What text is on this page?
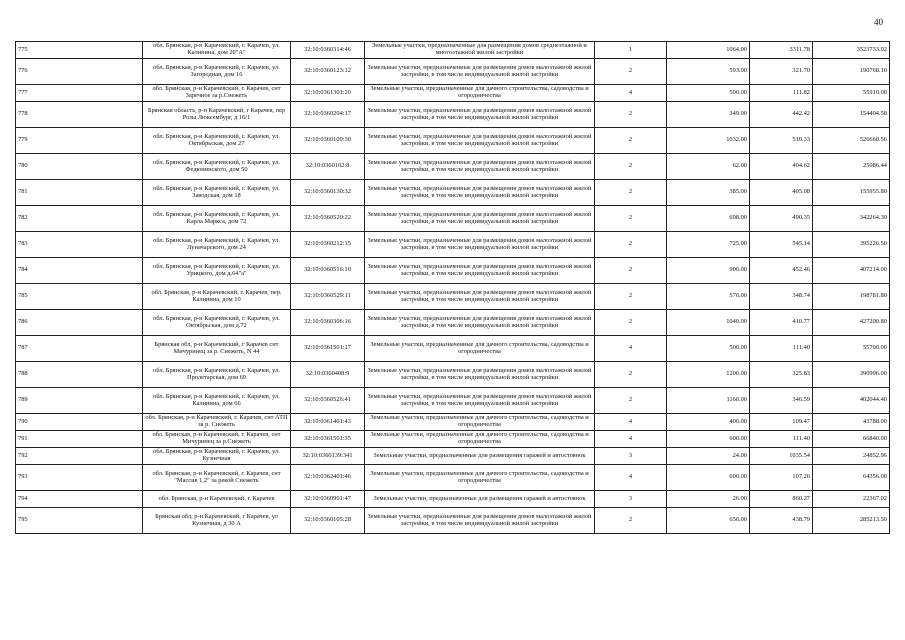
40
775	обл. Брянская, р-н Карачевский, г. Карачев, ул. Калинина, дом 20"А"	32:10:0360314:46	Земельные участки, предназначенные для размещения домов среднеэтажной и многоэтажной жилой застройки	1	1064.00	3311.78	3523733.92
776	обл. Брянская, р-н Карачевский, г. Карачев, ул. Загородная, дом 16	32:10:0360123:12	Земельные участки, предназначенные для размещения домов малоэтажной жилой застройки, в том числе индивидуальной жилой застройки	2	593.00	321.70	190768.10
777	обл. Брянская, р-н Карачевский, г. Карачев, снт Заречное за р.Снежеть	32:10:0361301:20	Земельные участки, предназначенные для дачного строительства, садоводства и огородничества	4	500.00	111.82	55910.00
778	Брянская область, р-н Карачевский, г Карачев, пер Розы Люксембург, д 16/1	32:10:0360204:17	Земельные участки, предназначенные для размещения домов малоэтажной жилой застройки, в том числе индивидуальной жилой застройки	2	349.00	442.42	154404.58
779	обл. Брянская, р-н Карачевский, г. Карачев, ул. Октябрьская, дом 27	32:10:0360109:30	Земельные участки, предназначенные для размещения домов малоэтажной жилой застройки, в том числе индивидуальной жилой застройки	2	1032.00	510.33	526660.56
780	обл. Брянская, р-н Карачевский, г. Карачев, ул. Федюнинского, дом 50	32:10:0360102:8	Земельные участки, предназначенные для размещения домов малоэтажной жилой застройки, в том числе индивидуальной жилой застройки	2	62.00	404.62	25086.44
781	обл. Брянская, р-н Карачевский, г. Карачев, ул. Заводская, дом 18	32:10:0360130:32	Земельные участки, предназначенные для размещения домов малоэтажной жилой застройки, в том числе индивидуальной жилой застройки	2	385.00	405.08	155955.80
782	обл. Брянская, р-н Карачевский, г. Карачев, ул. Карла Маркса, дом 72	32:10:0360520:22	Земельные участки, предназначенные для размещения домов малоэтажной жилой застройки, в том числе индивидуальной жилой застройки	2	698.00	490.35	342264.30
783	обл. Брянская, р-н Карачевский, г. Карачев, ул. Луначарского, дом 24	32:10:0360212:15	Земельные участки, предназначенные для размещения домов малоэтажной жилой застройки, в том числе индивидуальной жилой застройки	2	725.00	545.14	395226.50
784	обл. Брянская, р-н Карачевский, г. Карачев, ул. Урицкого, дом д.64"а"	32:10:0360516:10	Земельные участки, предназначенные для размещения домов малоэтажной жилой застройки, в том числе индивидуальной жилой застройки	2	900.00	452.46	407214.00
785	обл. Брянская, р-н Карачевский, г. Карачев, пер. Калинина, дом 10	32:10:0360529:11	Земельные участки, предназначенные для размещения домов малоэтажной жилой застройки, в том числе индивидуальной жилой застройки	2	570.00	348.74	198781.80
786	обл. Брянская, р-н Карачевский, г. Карачев, ул. Октябрьская, дом д.72	32:10:0360306:16	Земельные участки, предназначенные для размещения домов малоэтажной жилой застройки, в том числе индивидуальной жилой застройки	2	1040.00	410.77	427200.80
787	Брянская обл, р-н Карачевский, г Карачев снт Мичуринец за р. Снежеть, N 44	32:10:0361501:17	Земельные участки, предназначенные для дачного строительства, садоводства и огородничества	4	500.00	111.40	55700.00
788	обл. Брянская, р-н Карачевский, г. Карачев, ул. Пролетарская, дом 69	32:10:0360408:9	Земельные участки, предназначенные для размещения домов малоэтажной жилой застройки, в том числе индивидуальной жилой застройки	2	1200.00	325.83	390996.00
789	обл. Брянская, р-н Карачевский, г. Карачев, ул. Калинина, дом 66	32:10:0360526:41	Земельные участки, предназначенные для размещения домов малоэтажной жилой застройки, в том числе индивидуальной жилой застройки	2	1160.00	346.59	402044.40
790	обл. Брянская, р-н Карачевский, г. Карачев, снт АТП за р. Снежеть	32:10:0361401:43	Земельные участки, предназначенные для дачного строительства, садоводства и огородничества	4	400.00	109.47	43788.00
791	обл. Брянская, р-н Карачевский, г. Карачев, снт Мичуринец за р.Снежеть	32:10:0361501:35	Земельные участки, предназначенные для дачного строительства, садоводства и огородничества	4	600.00	111.40	66840.00
792	обл. Брянская, р-н Карачевский, г. Карачев, ул. Кузнечная	32:10:0360139:341	Земельные участки, предназначенные для размещения гаражей и автостоянок	3	24.00	1035.54	24852.96
793	обл. Брянская, р-н Карачевский, г. Карачев, снт "Массив 1,2" за рекой Снежеть	32:10:0362401:46	Земельные участки, предназначенные для дачного строительства, садоводства и огородничества	4	600.00	107.26	64356.00
794	обл. Брянская, р-н Карачевский, г. Карачев	32:10:0360901:47	Земельные участки, предназначенные для размещения гаражей и автостоянок	3	26.00	860.27	22367.02
795	Брянская обл, р-н Карачевский, г Карачев, ул Кузнечная, д 30 А	32:10:0360105:28	Земельные участки, предназначенные для размещения домов малоэтажной жилой застройки, в том числе индивидуальной жилой застройки	2	650.00	438.79	285213.50
